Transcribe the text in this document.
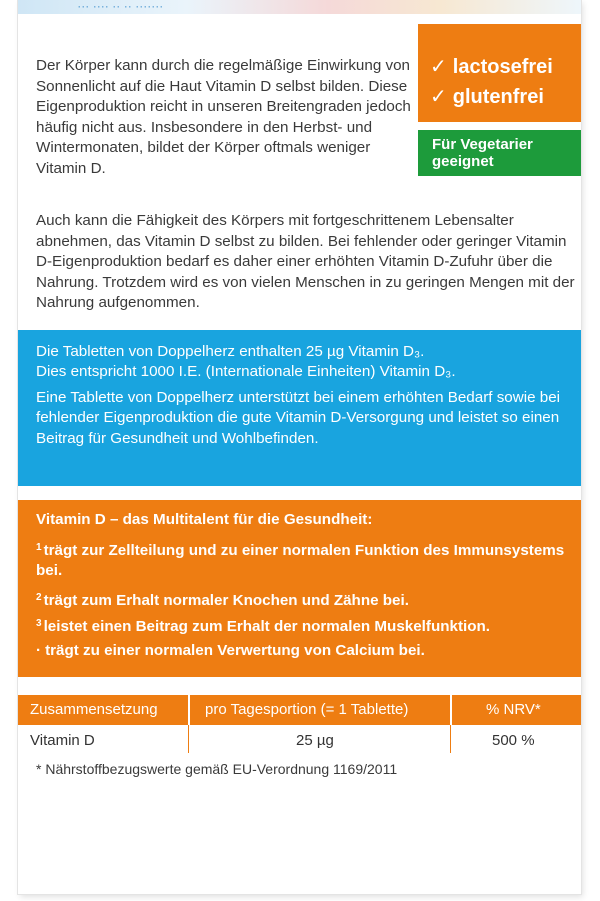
··· ···· ·· ·· ·······
Der Körper kann durch die regelmäßige Einwirkung von Sonnenlicht auf die Haut Vitamin D selbst bilden. Diese Eigenproduktion reicht in unseren Breitengraden jedoch häufig nicht aus. Insbesondere in den Herbst- und Wintermonaten, bildet der Körper oftmals weniger Vitamin D.
✓ lactosefrei
✓ glutenfrei
Für Vegetarier geeignet
Auch kann die Fähigkeit des Körpers mit fortgeschrittenem Lebensalter abnehmen, das Vitamin D selbst zu bilden. Bei fehlender oder geringer Vitamin D-Eigenproduktion bedarf es daher einer erhöhten Vitamin D-Zufuhr über die Nahrung. Trotzdem wird es von vielen Menschen in zu geringen Mengen mit der Nahrung aufgenommen.

Die Tabletten von Doppelherz enthalten 25 µg Vitamin D₃.
Dies entspricht 1000 I.E. (Internationale Einheiten) Vitamin D₃.

Eine Tablette von Doppelherz unterstützt bei einem erhöhten Bedarf sowie bei fehlender Eigenproduktion die gute Vitamin D-Versorgung und leistet so einen Beitrag für Gesundheit und Wohlbefinden.

Vitamin D – das Multitalent für die Gesundheit:
$^1$ trägt zur Zellteilung und zu einer normalen Funktion des Immunsystems bei.
$^2$ trägt zum Erhalt normaler Knochen und Zähne bei.
$^3$ leistet einen Beitrag zum Erhalt der normalen Muskelfunktion.
· trägt zu einer normalen Verwertung von Calcium bei.
Zusammensetzung	pro Tagesportion (= 1 Tablette)	% NRV*
Vitamin D	25 µg	500 %
* Nährstoffbezugswerte gemäß EU-Verordnung 1169/2011
